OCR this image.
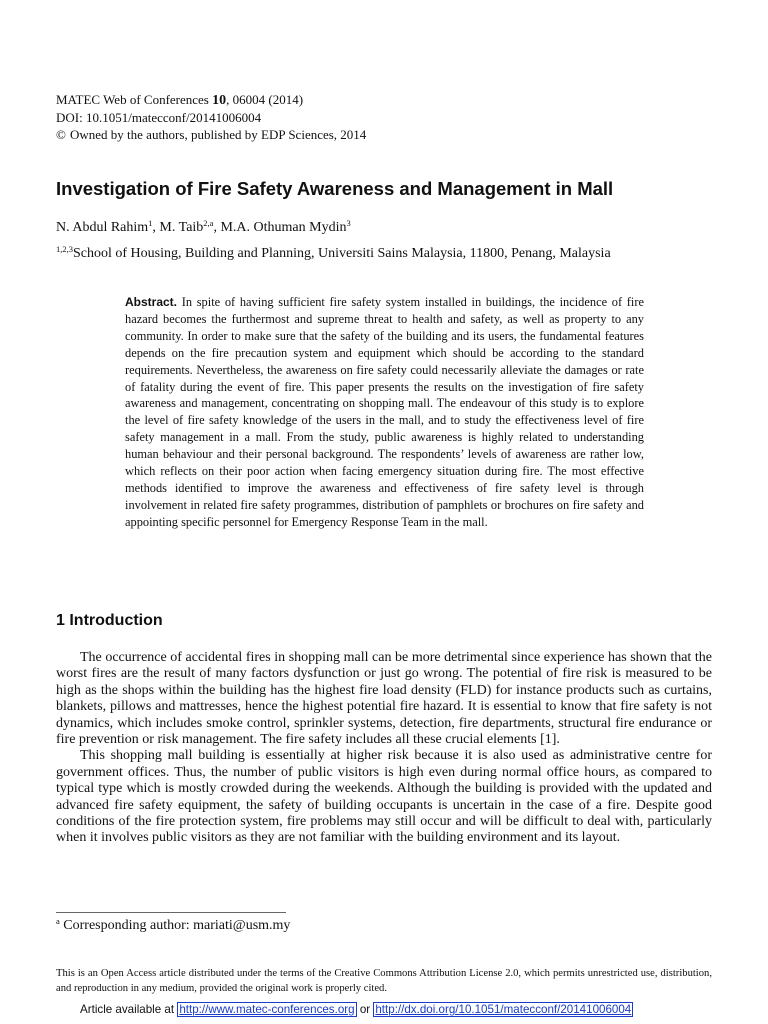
MATEC Web of Conferences 10, 06004 (2014)
DOI: 10.1051/matecconf/20141006004
© Owned by the authors, published by EDP Sciences, 2014
Investigation of Fire Safety Awareness and Management in Mall
N. Abdul Rahim$^1$, M. Taib$^{2,a}$, M.A. Othuman Mydin$^3$
$^{1,2,3}$School of Housing, Building and Planning, Universiti Sains Malaysia, 11800, Penang, Malaysia
Abstract. In spite of having sufficient fire safety system installed in buildings, the incidence of fire hazard becomes the furthermost and supreme threat to health and safety, as well as property to any community. In order to make sure that the safety of the building and its users, the fundamental features depends on the fire precaution system and equipment which should be according to the standard requirements. Nevertheless, the awareness on fire safety could necessarily alleviate the damages or rate of fatality during the event of fire. This paper presents the results on the investigation of fire safety awareness and management, concentrating on shopping mall. The endeavour of this study is to explore the level of fire safety knowledge of the users in the mall, and to study the effectiveness level of fire safety management in a mall. From the study, public awareness is highly related to understanding human behaviour and their personal background. The respondents’ levels of awareness are rather low, which reflects on their poor action when facing emergency situation during fire. The most effective methods identified to improve the awareness and effectiveness of fire safety level is through involvement in related fire safety programmes, distribution of pamphlets or brochures on fire safety and appointing specific personnel for Emergency Response Team in the mall.
1 Introduction

The occurrence of accidental fires in shopping mall can be more detrimental since experience has shown that the worst fires are the result of many factors dysfunction or just go wrong. The potential of fire risk is measured to be high as the shops within the building has the highest fire load density (FLD) for instance products such as curtains, blankets, pillows and mattresses, hence the highest potential fire hazard. It is essential to know that fire safety is not dynamics, which includes smoke control, sprinkler systems, detection, fire departments, structural fire endurance or fire prevention or risk management. The fire safety includes all these crucial elements [1].

This shopping mall building is essentially at higher risk because it is also used as administrative centre for government offices. Thus, the number of public visitors is high even during normal office hours, as compared to typical type which is mostly crowded during the weekends. Although the building is provided with the updated and advanced fire safety equipment, the safety of building occupants is uncertain in the case of a fire. Despite good conditions of the fire protection system, fire problems may still occur and will be difficult to deal with, particularly when it involves public visitors as they are not familiar with the building environment and its layout.

$^a$ Corresponding author: mariati@usm.my
This is an Open Access article distributed under the terms of the Creative Commons Attribution License 2.0, which permits unrestricted use, distribution, and reproduction in any medium, provided the original work is properly cited.
Article available at http://www.matec-conferences.org or http://dx.doi.org/10.1051/matecconf/20141006004
